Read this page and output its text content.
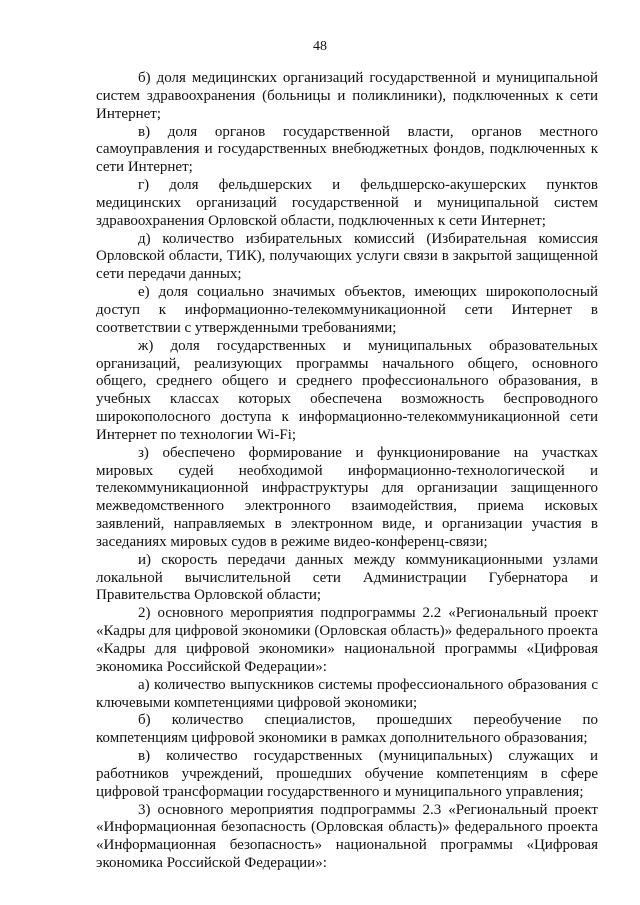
48

б) доля медицинских организаций государственной и муниципальной систем здравоохранения (больницы и поликлиники), подключенных к сети Интернет;

в) доля органов государственной власти, органов местного самоуправления и государственных внебюджетных фондов, подключенных к сети Интернет;

г) доля фельдшерских и фельдшерско-акушерских пунктов медицинских организаций государственной и муниципальной систем здравоохранения Орловской области, подключенных к сети Интернет;

д) количество избирательных комиссий (Избирательная комиссия Орловской области, ТИК), получающих услуги связи в закрытой защищенной сети передачи данных;

е) доля социально значимых объектов, имеющих широкополосный доступ к информационно-телекоммуникационной сети Интернет в соответствии с утвержденными требованиями;

ж) доля государственных и муниципальных образовательных организаций, реализующих программы начального общего, основного общего, среднего общего и среднего профессионального образования, в учебных классах которых обеспечена возможность беспроводного широкополосного доступа к информационно-телекоммуникационной сети Интернет по технологии Wi-Fi;

з) обеспечено формирование и функционирование на участках мировых судей необходимой информационно-технологической и телекоммуникационной инфраструктуры для организации защищенного межведомственного электронного взаимодействия, приема исковых заявлений, направляемых в электронном виде, и организации участия в заседаниях мировых судов в режиме видео-конференц-связи;

и) скорость передачи данных между коммуникационными узлами локальной вычислительной сети Администрации Губернатора и Правительства Орловской области;

2) основного мероприятия подпрограммы 2.2 «Региональный проект «Кадры для цифровой экономики (Орловская область)» федерального проекта «Кадры для цифровой экономики» национальной программы «Цифровая экономика Российской Федерации»:

а) количество выпускников системы профессионального образования с ключевыми компетенциями цифровой экономики;

б) количество специалистов, прошедших переобучение по компетенциям цифровой экономики в рамках дополнительного образования;

в) количество государственных (муниципальных) служащих и работников учреждений, прошедших обучение компетенциям в сфере цифровой трансформации государственного и муниципального управления;

3) основного мероприятия подпрограммы 2.3 «Региональный проект «Информационная безопасность (Орловская область)» федерального проекта «Информационная безопасность» национальной программы «Цифровая экономика Российской Федерации»:
